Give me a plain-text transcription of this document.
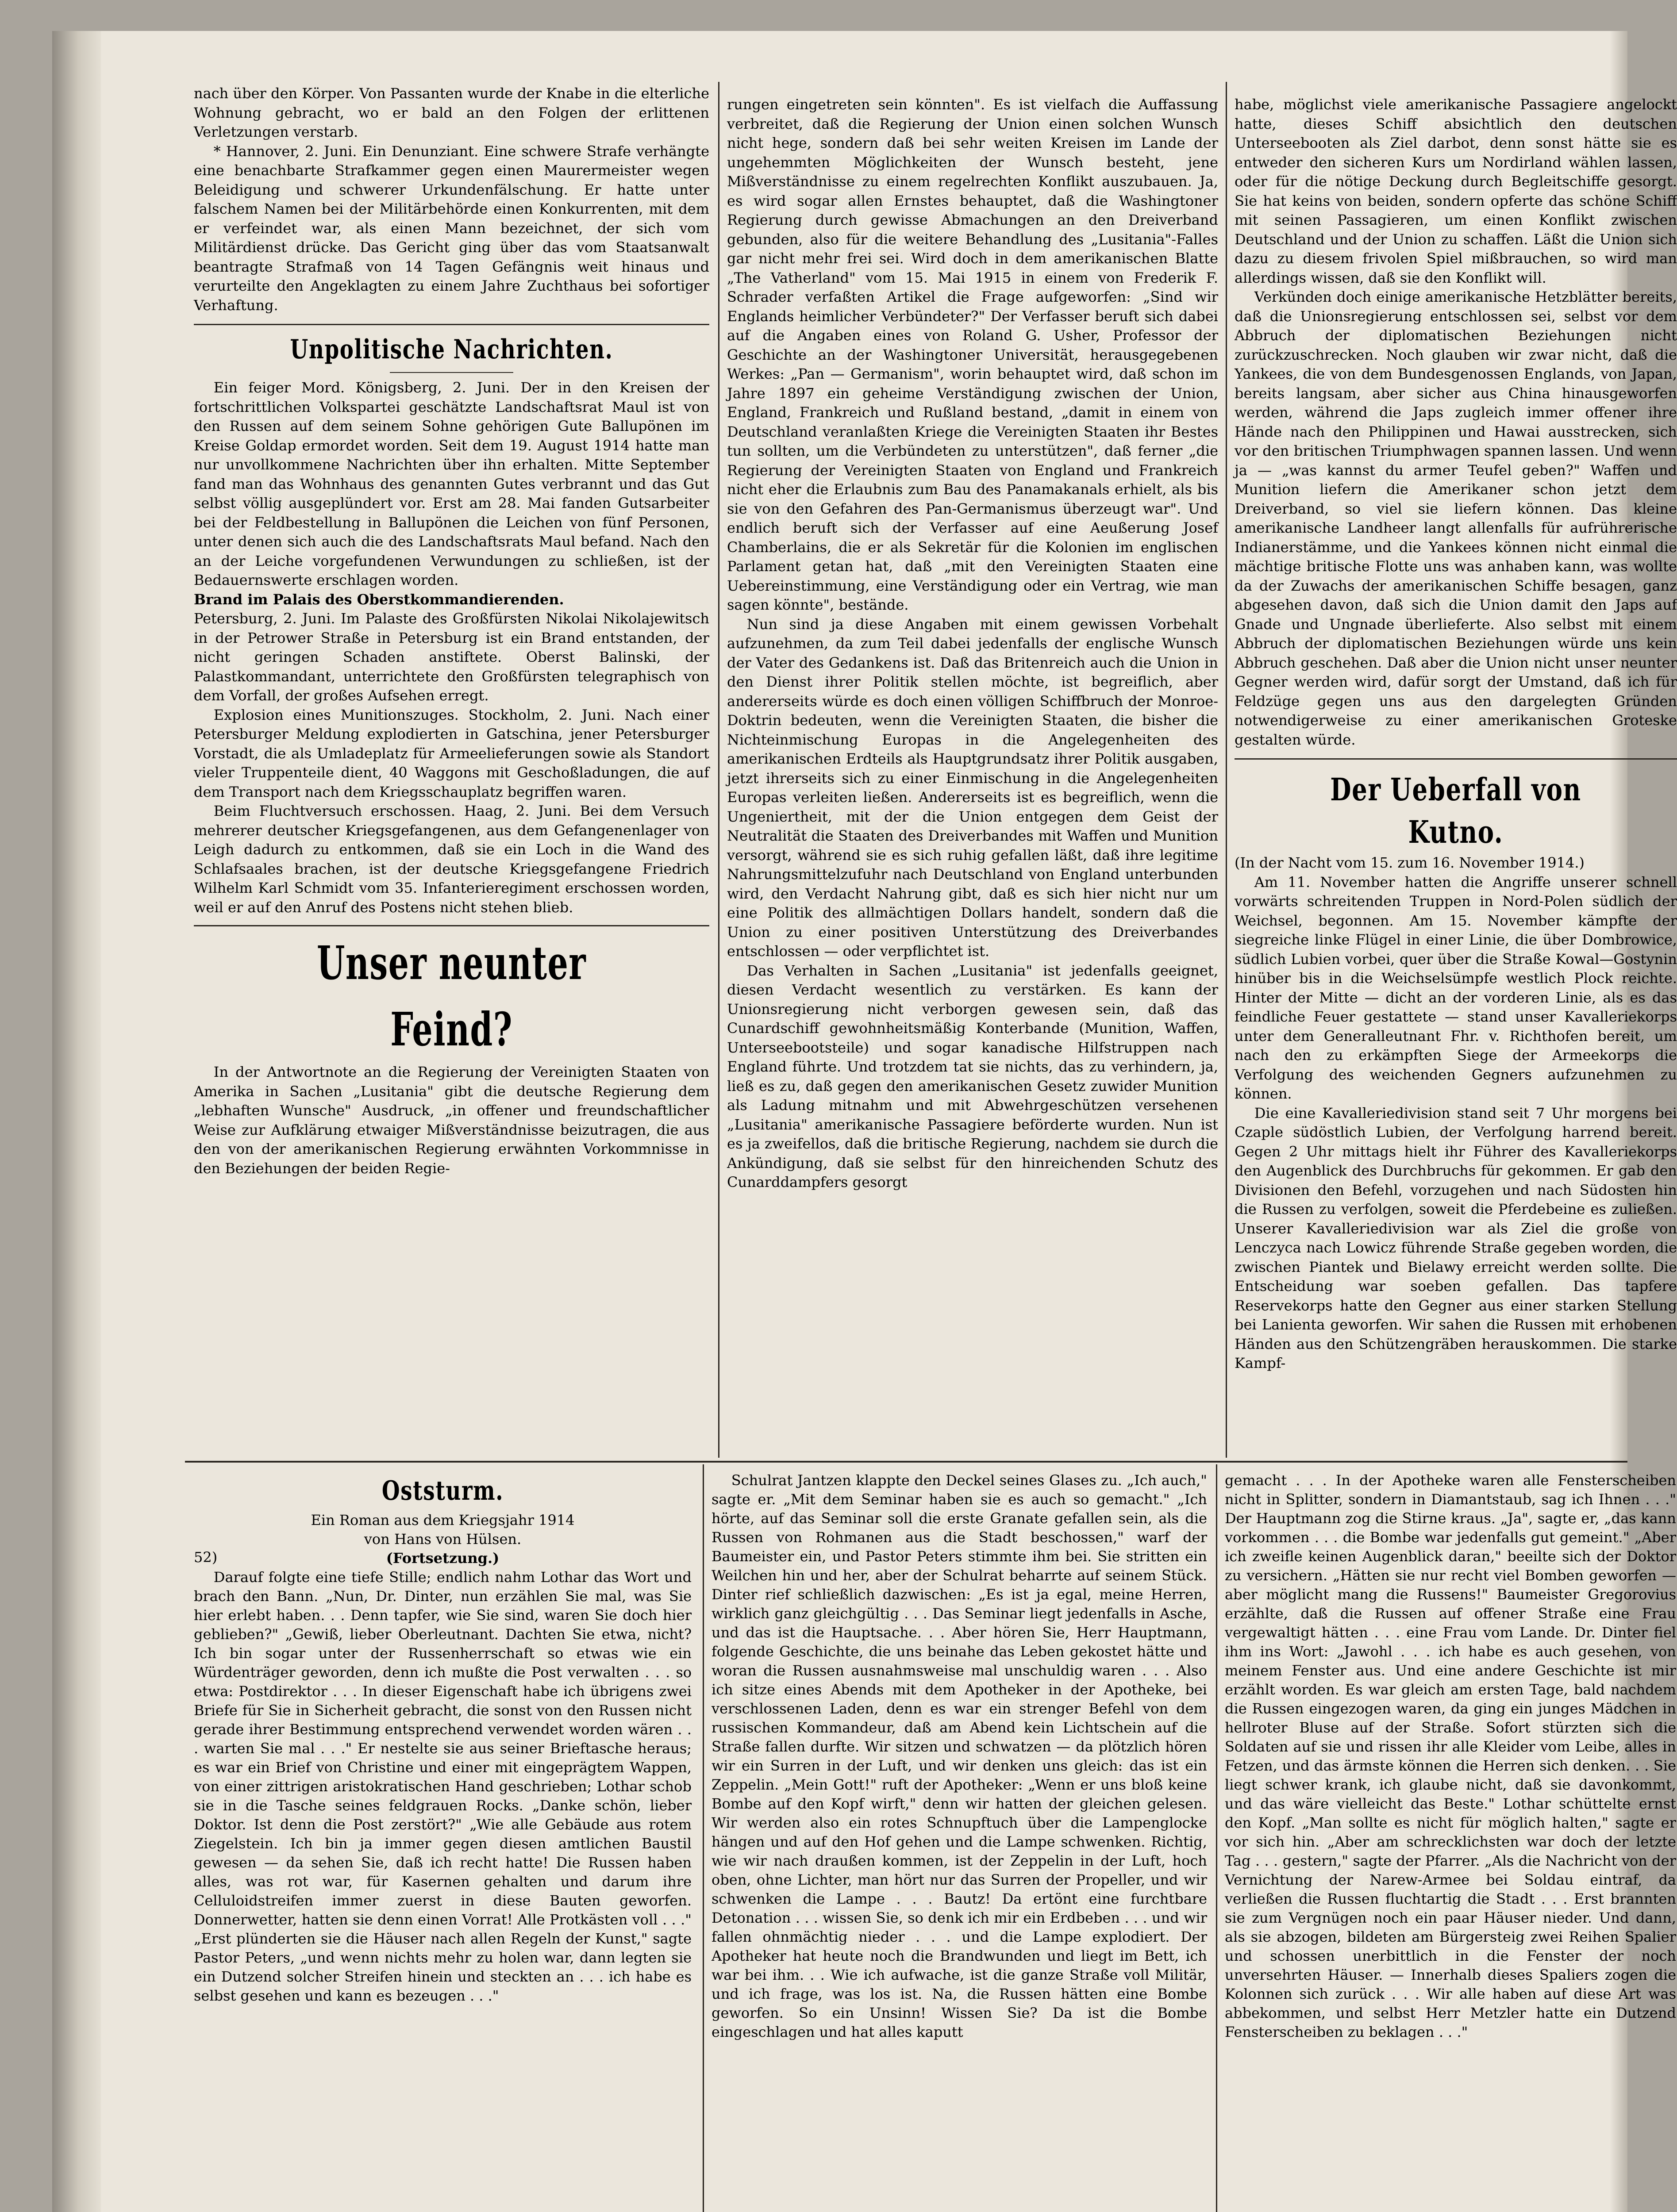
nach über den Körper. Von Passanten wurde der Knabe in die elterliche Wohnung gebracht, wo er bald an den Folgen der erlittenen Verletzungen verstarb.

* Hannover, 2. Juni. Ein Denunziant. Eine schwere Strafe verhängte eine benachbarte Strafkammer gegen einen Maurermeister wegen Beleidigung und schwerer Urkundenfälschung. Er hatte unter falschem Namen bei der Militärbehörde einen Konkurrenten, mit dem er verfeindet war, als einen Mann bezeichnet, der sich vom Militärdienst drücke. Das Gericht ging über das vom Staatsanwalt beantragte Strafmaß von 14 Tagen Gefängnis weit hinaus und verurteilte den Angeklagten zu einem Jahre Zuchthaus bei sofortiger Verhaftung.

Unpolitische Nachrichten.

Ein feiger Mord. Königsberg, 2. Juni. Der in den Kreisen der fortschrittlichen Volkspartei geschätzte Landschaftsrat Maul ist von den Russen auf dem seinem Sohne gehörigen Gute Ballupönen im Kreise Goldap ermordet worden. Seit dem 19. August 1914 hatte man nur unvollkommene Nachrichten über ihn erhalten. Mitte September fand man das Wohnhaus des genannten Gutes verbrannt und das Gut selbst völlig ausgeplündert vor. Erst am 28. Mai fanden Gutsarbeiter bei der Feldbestellung in Ballupönen die Leichen von fünf Personen, unter denen sich auch die des Landschaftsrats Maul befand. Nach den an der Leiche vorgefundenen Verwundungen zu schließen, ist der Bedauernswerte erschlagen worden.

Brand im Palais des Oberstkommandierenden.

Petersburg, 2. Juni. Im Palaste des Großfürsten Nikolai Nikolajewitsch in der Petrower Straße in Petersburg ist ein Brand entstanden, der nicht geringen Schaden anstiftete. Oberst Balinski, der Palastkommandant, unterrichtete den Großfürsten telegraphisch von dem Vorfall, der großes Aufsehen erregt.

Explosion eines Munitionszuges. Stockholm, 2. Juni. Nach einer Petersburger Meldung explodierten in Gatschina, jener Petersburger Vorstadt, die als Umladeplatz für Armeelieferungen sowie als Standort vieler Truppenteile dient, 40 Waggons mit Geschoßladungen, die auf dem Transport nach dem Kriegsschauplatz begriffen waren.

Beim Fluchtversuch erschossen. Haag, 2. Juni. Bei dem Versuch mehrerer deutscher Kriegsgefangenen, aus dem Gefangenenlager von Leigh dadurch zu entkommen, daß sie ein Loch in die Wand des Schlafsaales brachen, ist der deutsche Kriegsgefangene Friedrich Wilhelm Karl Schmidt vom 35. Infanterieregiment erschossen worden, weil er auf den Anruf des Postens nicht stehen blieb.

Unser neunter Feind?

In der Antwortnote an die Regierung der Vereinigten Staaten von Amerika in Sachen „Lusitania" gibt die deutsche Regierung dem „lebhaften Wunsche" Ausdruck, „in offener und freundschaftlicher Weise zur Aufklärung etwaiger Mißverständnisse beizutragen, die aus den von der amerikanischen Regierung erwähnten Vorkommnisse in den Beziehungen der beiden Regie-

rungen eingetreten sein könnten". Es ist vielfach die Auffassung verbreitet, daß die Regierung der Union einen solchen Wunsch nicht hege, sondern daß bei sehr weiten Kreisen im Lande der ungehemmten Möglichkeiten der Wunsch besteht, jene Mißverständnisse zu einem regelrechten Konflikt auszubauen. Ja, es wird sogar allen Ernstes behauptet, daß die Washingtoner Regierung durch gewisse Abmachungen an den Dreiverband gebunden, also für die weitere Behandlung des „Lusitania"-Falles gar nicht mehr frei sei. Wird doch in dem amerikanischen Blatte „The Vatherland" vom 15. Mai 1915 in einem von Frederik F. Schrader verfaßten Artikel die Frage aufgeworfen: „Sind wir Englands heimlicher Verbündeter?" Der Verfasser beruft sich dabei auf die Angaben eines von Roland G. Usher, Professor der Geschichte an der Washingtoner Universität, herausgegebenen Werkes: „Pan — Germanism", worin behauptet wird, daß schon im Jahre 1897 ein geheime Verständigung zwischen der Union, England, Frankreich und Rußland bestand, „damit in einem von Deutschland veranlaßten Kriege die Vereinigten Staaten ihr Bestes tun sollten, um die Verbündeten zu unterstützen", daß ferner „die Regierung der Vereinigten Staaten von England und Frankreich nicht eher die Erlaubnis zum Bau des Panamakanals erhielt, als bis sie von den Gefahren des Pan-Germanismus überzeugt war". Und endlich beruft sich der Verfasser auf eine Aeußerung Josef Chamberlains, die er als Sekretär für die Kolonien im englischen Parlament getan hat, daß „mit den Vereinigten Staaten eine Uebereinstimmung, eine Verständigung oder ein Vertrag, wie man sagen könnte", bestände.

Nun sind ja diese Angaben mit einem gewissen Vorbehalt aufzunehmen, da zum Teil dabei jedenfalls der englische Wunsch der Vater des Gedankens ist. Daß das Britenreich auch die Union in den Dienst ihrer Politik stellen möchte, ist begreiflich, aber andererseits würde es doch einen völligen Schiffbruch der Monroe-Doktrin bedeuten, wenn die Vereinigten Staaten, die bisher die Nichteinmischung Europas in die Angelegenheiten des amerikanischen Erdteils als Hauptgrundsatz ihrer Politik ausgaben, jetzt ihrerseits sich zu einer Einmischung in die Angelegenheiten Europas verleiten ließen. Andererseits ist es begreiflich, wenn die Ungeniertheit, mit der die Union entgegen dem Geist der Neutralität die Staaten des Dreiverbandes mit Waffen und Munition versorgt, während sie es sich ruhig gefallen läßt, daß ihre legitime Nahrungsmittelzufuhr nach Deutschland von England unterbunden wird, den Verdacht Nahrung gibt, daß es sich hier nicht nur um eine Politik des allmächtigen Dollars handelt, sondern daß die Union zu einer positiven Unterstützung des Dreiverbandes entschlossen — oder verpflichtet ist.

Das Verhalten in Sachen „Lusitania" ist jedenfalls geeignet, diesen Verdacht wesentlich zu verstärken. Es kann der Unionsregierung nicht verborgen gewesen sein, daß das Cunardschiff gewohnheitsmäßig Konterbande (Munition, Waffen, Unterseebootsteile) und sogar kanadische Hilfstruppen nach England führte. Und trotzdem tat sie nichts, das zu verhindern, ja, ließ es zu, daß gegen den amerikanischen Gesetz zuwider Munition als Ladung mitnahm und mit Abwehrgeschützen versehenen „Lusitania" amerikanische Passagiere beförderte wurden. Nun ist es ja zweifellos, daß die britische Regierung, nachdem sie durch die Ankündigung, daß sie selbst für den hinreichenden Schutz des Cunarddampfers gesorgt

habe, möglichst viele amerikanische Passagiere angelockt hatte, dieses Schiff absichtlich den deutschen Unterseebooten als Ziel darbot, denn sonst hätte sie es entweder den sicheren Kurs um Nordirland wählen lassen, oder für die nötige Deckung durch Begleitschiffe gesorgt. Sie hat keins von beiden, sondern opferte das schöne Schiff mit seinen Passagieren, um einen Konflikt zwischen Deutschland und der Union zu schaffen. Läßt die Union sich dazu zu diesem frivolen Spiel mißbrauchen, so wird man allerdings wissen, daß sie den Konflikt will.

Verkünden doch einige amerikanische Hetzblätter bereits, daß die Unionsregierung entschlossen sei, selbst vor dem Abbruch der diplomatischen Beziehungen nicht zurückzuschrecken. Noch glauben wir zwar nicht, daß die Yankees, die von dem Bundesgenossen Englands, von Japan, bereits langsam, aber sicher aus China hinausgeworfen werden, während die Japs zugleich immer offener ihre Hände nach den Philippinen und Hawai ausstrecken, sich vor den britischen Triumphwagen spannen lassen. Und wenn ja — „was kannst du armer Teufel geben?" Waffen und Munition liefern die Amerikaner schon jetzt dem Dreiverband, so viel sie liefern können. Das kleine amerikanische Landheer langt allenfalls für aufrührerische Indianerstämme, und die Yankees können nicht einmal die mächtige britische Flotte uns was anhaben kann, was wollte da der Zuwachs der amerikanischen Schiffe besagen, ganz abgesehen davon, daß sich die Union damit den Japs auf Gnade und Ungnade überlieferte. Also selbst mit einem Abbruch der diplomatischen Beziehungen würde uns kein Abbruch geschehen. Daß aber die Union nicht unser neunter Gegner werden wird, dafür sorgt der Umstand, daß ich für Feldzüge gegen uns aus den dargelegten Gründen notwendigerweise zu einer amerikanischen Groteske gestalten würde.

Der Ueberfall von Kutno.

(In der Nacht vom 15. zum 16. November 1914.)

Am 11. November hatten die Angriffe unserer schnell vorwärts schreitenden Truppen in Nord-Polen südlich der Weichsel, begonnen. Am 15. November kämpfte der siegreiche linke Flügel in einer Linie, die über Dombrowice, südlich Lubien vorbei, quer über die Straße Kowal—Gostynin hinüber bis in die Weichselsümpfe westlich Plock reichte. Hinter der Mitte — dicht an der vorderen Linie, als es das feindliche Feuer gestattete — stand unser Kavalleriekorps unter dem Generalleutnant Fhr. v. Richthofen bereit, um nach den zu erkämpften Siege der Armeekorps die Verfolgung des weichenden Gegners aufzunehmen zu können.

Die eine Kavalleriedivision stand seit 7 Uhr morgens bei Czaple südöstlich Lubien, der Verfolgung harrend bereit. Gegen 2 Uhr mittags hielt ihr Führer des Kavalleriekorps den Augenblick des Durchbruchs für gekommen. Er gab den Divisionen den Befehl, vorzugehen und nach Südosten hin die Russen zu verfolgen, soweit die Pferdebeine es zuließen. Unserer Kavalleriedivision war als Ziel die große von Lenczyca nach Lowicz führende Straße gegeben worden, die zwischen Piantek und Bielawy erreicht werden sollte. Die Entscheidung war soeben gefallen. Das tapfere Reservekorps hatte den Gegner aus einer starken Stellung bei Lanienta geworfen. Wir sahen die Russen mit erhobenen Händen aus den Schützengräben herauskommen. Die starke Kampf-

Oststurm.
Ein Roman aus dem Kriegsjahr 1914
von Hans von Hülsen.
52)	(Fortsetzung.)

Darauf folgte eine tiefe Stille; endlich nahm Lothar das Wort und brach den Bann. „Nun, Dr. Dinter, nun erzählen Sie mal, was Sie hier erlebt haben. . . Denn tapfer, wie Sie sind, waren Sie doch hier geblieben?" „Gewiß, lieber Oberleutnant. Dachten Sie etwa, nicht? Ich bin sogar unter der Russenherrschaft so etwas wie ein Würdenträger geworden, denn ich mußte die Post verwalten . . . so etwa: Postdirektor . . . In dieser Eigenschaft habe ich übrigens zwei Briefe für Sie in Sicherheit gebracht, die sonst von den Russen nicht gerade ihrer Bestimmung entsprechend verwendet worden wären . . . warten Sie mal . . ." Er nestelte sie aus seiner Brieftasche heraus; es war ein Brief von Christine und einer mit eingeprägtem Wappen, von einer zittrigen aristokratischen Hand geschrieben; Lothar schob sie in die Tasche seines feldgrauen Rocks. „Danke schön, lieber Doktor. Ist denn die Post zerstört?" „Wie alle Gebäude aus rotem Ziegelstein. Ich bin ja immer gegen diesen amtlichen Baustil gewesen — da sehen Sie, daß ich recht hatte! Die Russen haben alles, was rot war, für Kasernen gehalten und darum ihre Celluloidstreifen immer zuerst in diese Bauten geworfen. Donnerwetter, hatten sie denn einen Vorrat! Alle Protkästen voll . . ." „Erst plünderten sie die Häuser nach allen Regeln der Kunst," sagte Pastor Peters, „und wenn nichts mehr zu holen war, dann legten sie ein Dutzend solcher Streifen hinein und steckten an . . . ich habe es selbst gesehen und kann es bezeugen . . ."

Schulrat Jantzen klappte den Deckel seines Glases zu. „Ich auch," sagte er. „Mit dem Seminar haben sie es auch so gemacht." „Ich hörte, auf das Seminar soll die erste Granate gefallen sein, als die Russen von Rohmanen aus die Stadt beschossen," warf der Baumeister ein, und Pastor Peters stimmte ihm bei. Sie stritten ein Weilchen hin und her, aber der Schulrat beharrte auf seinem Stück. Dinter rief schließlich dazwischen: „Es ist ja egal, meine Herren, wirklich ganz gleichgültig . . . Das Seminar liegt jedenfalls in Asche, und das ist die Hauptsache. . . Aber hören Sie, Herr Hauptmann, folgende Geschichte, die uns beinahe das Leben gekostet hätte und woran die Russen ausnahmsweise mal unschuldig waren . . . Also ich sitze eines Abends mit dem Apotheker in der Apotheke, bei verschlossenen Laden, denn es war ein strenger Befehl von dem russischen Kommandeur, daß am Abend kein Lichtschein auf die Straße fallen durfte. Wir sitzen und schwatzen — da plötzlich hören wir ein Surren in der Luft, und wir denken uns gleich: das ist ein Zeppelin. „Mein Gott!" ruft der Apotheker: „Wenn er uns bloß keine Bombe auf den Kopf wirft," denn wir hatten der gleichen gelesen. Wir werden also ein rotes Schnupftuch über die Lampenglocke hängen und auf den Hof gehen und die Lampe schwenken. Richtig, wie wir nach draußen kommen, ist der Zeppelin in der Luft, hoch oben, ohne Lichter, man hört nur das Surren der Propeller, und wir schwenken die Lampe . . . Bautz! Da ertönt eine furchtbare Detonation . . . wissen Sie, so denk ich mir ein Erdbeben . . . und wir fallen ohnmächtig nieder . . . und die Lampe explodiert. Der Apotheker hat heute noch die Brandwunden und liegt im Bett, ich war bei ihm. . . Wie ich aufwache, ist die ganze Straße voll Militär, und ich frage, was los ist. Na, die Russen hätten eine Bombe geworfen. So ein Unsinn! Wissen Sie? Da ist die Bombe eingeschlagen und hat alles kaputt

gemacht . . . In der Apotheke waren alle Fensterscheiben nicht in Splitter, sondern in Diamantstaub, sag ich Ihnen . . ." Der Hauptmann zog die Stirne kraus. „Ja", sagte er, „das kann vorkommen . . . die Bombe war jedenfalls gut gemeint." „Aber ich zweifle keinen Augenblick daran," beeilte sich der Doktor zu versichern. „Hätten sie nur recht viel Bomben geworfen — aber möglicht mang die Russens!" Baumeister Gregorovius erzählte, daß die Russen auf offener Straße eine Frau vergewaltigt hätten . . . eine Frau vom Lande. Dr. Dinter fiel ihm ins Wort: „Jawohl . . . ich habe es auch gesehen, von meinem Fenster aus. Und eine andere Geschichte ist mir erzählt worden. Es war gleich am ersten Tage, bald nachdem die Russen eingezogen waren, da ging ein junges Mädchen in hellroter Bluse auf der Straße. Sofort stürzten sich die Soldaten auf sie und rissen ihr alle Kleider vom Leibe, alles in Fetzen, und das ärmste können die Herren sich denken. . . Sie liegt schwer krank, ich glaube nicht, daß sie davonkommt, und das wäre vielleicht das Beste." Lothar schüttelte ernst den Kopf. „Man sollte es nicht für möglich halten," sagte er vor sich hin. „Aber am schrecklichsten war doch der letzte Tag . . . gestern," sagte der Pfarrer. „Als die Nachricht von der Vernichtung der Narew-Armee bei Soldau eintraf, da verließen die Russen fluchtartig die Stadt . . . Erst brannten sie zum Vergnügen noch ein paar Häuser nieder. Und dann, als sie abzogen, bildeten am Bürgersteig zwei Reihen Spalier und schossen unerbittlich in die Fenster der noch unversehrten Häuser. — Innerhalb dieses Spaliers zogen die Kolonnen sich zurück . . . Wir alle haben auf diese Art was abbekommen, und selbst Herr Metzler hatte ein Dutzend Fensterscheiben zu beklagen . . ."
